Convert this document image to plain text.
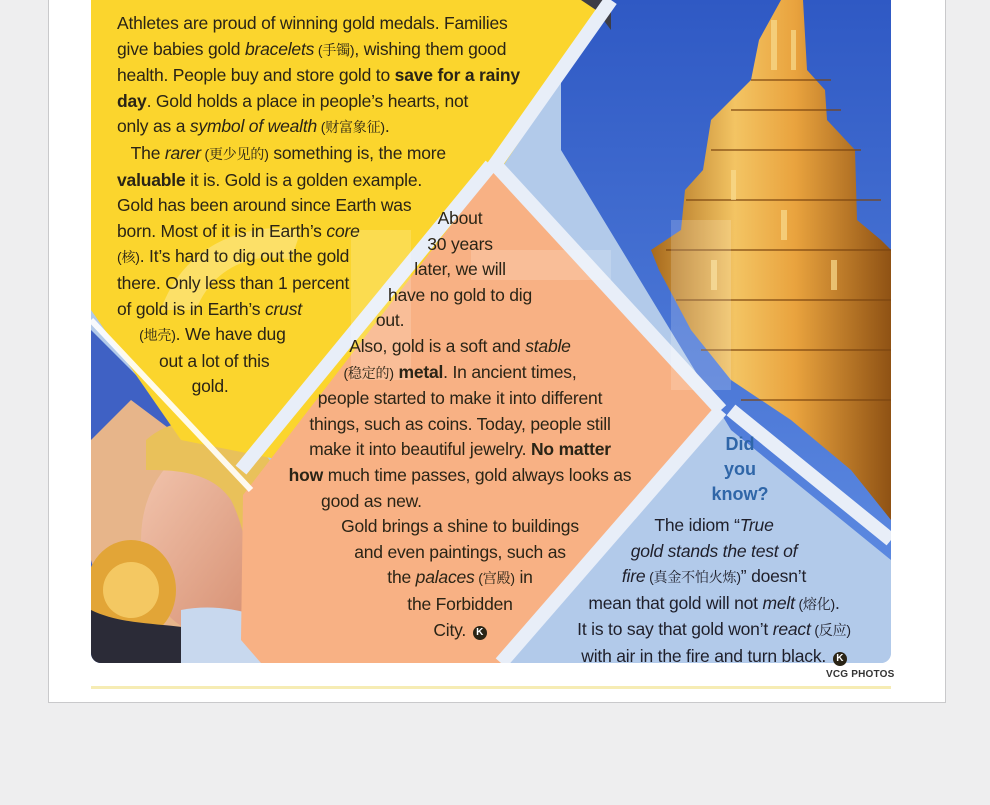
Athletes are proud of winning gold medals. Families
give babies gold bracelets (手镯), wishing them good
health. People buy and store gold to save for a rainy
day. Gold holds a place in people’s hearts, not
only as a symbol of wealth (财富象征).
The rarer (更少见的) something is, the more
valuable it is. Gold is a golden example.
Gold has been around since Earth was
born. Most of it is in Earth’s core
(核). It’s hard to dig out the gold
there. Only less than 1 percent
of gold is in Earth’s crust
(地壳). We have dug
out a lot of this
gold.

About
30 years
later, we will
have no gold to dig
out.
Also, gold is a soft and stable
(稳定的) metal. In ancient times,
people started to make it into different
things, such as coins. Today, people still
make it into beautiful jewelry. No matter
how much time passes, gold always looks as
good as new.
Gold brings a shine to buildings
and even paintings, such as
the palaces (宫殿) in
the Forbidden
City. K

Did
you
know?

The idiom “True
gold stands the test of
fire (真金不怕火炼)” doesn’t
mean that gold will not melt (熔化).
It is to say that gold won’t react (反应)
with air in the fire and turn black. K

VCG PHOTOS
